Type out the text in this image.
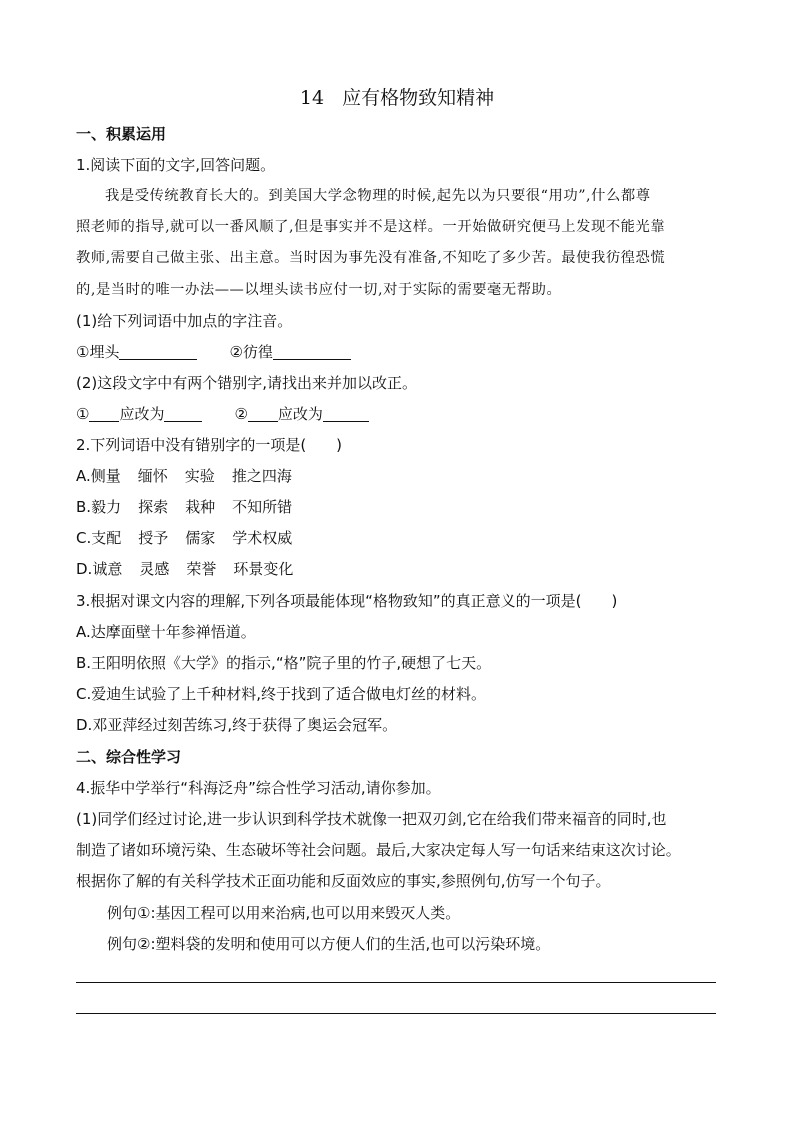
14 应有格物致知精神
一、积累运用
1.阅读下面的文字,回答问题。
我是受传统教育长大的。到美国大学念物理的时候,起先以为只要很“用功”,什么都尊
照老师的指导,就可以一番风顺了,但是事实并不是这样。一开始做研究便马上发现不能光靠
教师,需要自己做主张、出主意。当时因为事先没有准备,不知吃了多少苦。最使我彷徨恐慌
的,是当时的唯一办法——以埋头读书应付一切,对于实际的需要毫无帮助。
(1)给下列词语中加点的字注音。
①埋头	②彷徨
(2)这段文字中有两个错别字,请找出来并加以改正。
① 应改为	② 应改为
2.下列词语中没有错别字的一项是(　　)
A.侧量 缅怀 实验 推之四海
B.毅力 探索 栽种 不知所错
C.支配 授予 儒家 学术权威
D.诚意 灵感 荣誉 环景变化
3.根据对课文内容的理解,下列各项最能体现“格物致知”的真正意义的一项是(　　)
A.达摩面壁十年参禅悟道。
B.王阳明依照《大学》的指示,“格”院子里的竹子,硬想了七天。
C.爱迪生试验了上千种材料,终于找到了适合做电灯丝的材料。
D.邓亚萍经过刻苦练习,终于获得了奥运会冠军。
二、综合性学习
4.振华中学举行“科海泛舟”综合性学习活动,请你参加。
(1)同学们经过讨论,进一步认识到科学技术就像一把双刃剑,它在给我们带来福音的同时,也
制造了诸如环境污染、生态破坏等社会问题。最后,大家决定每人写一句话来结束这次讨论。
根据你了解的有关科学技术正面功能和反面效应的事实,参照例句,仿写一个句子。
例句①:基因工程可以用来治病,也可以用来毁灭人类。
例句②:塑料袋的发明和使用可以方便人们的生活,也可以污染环境。
